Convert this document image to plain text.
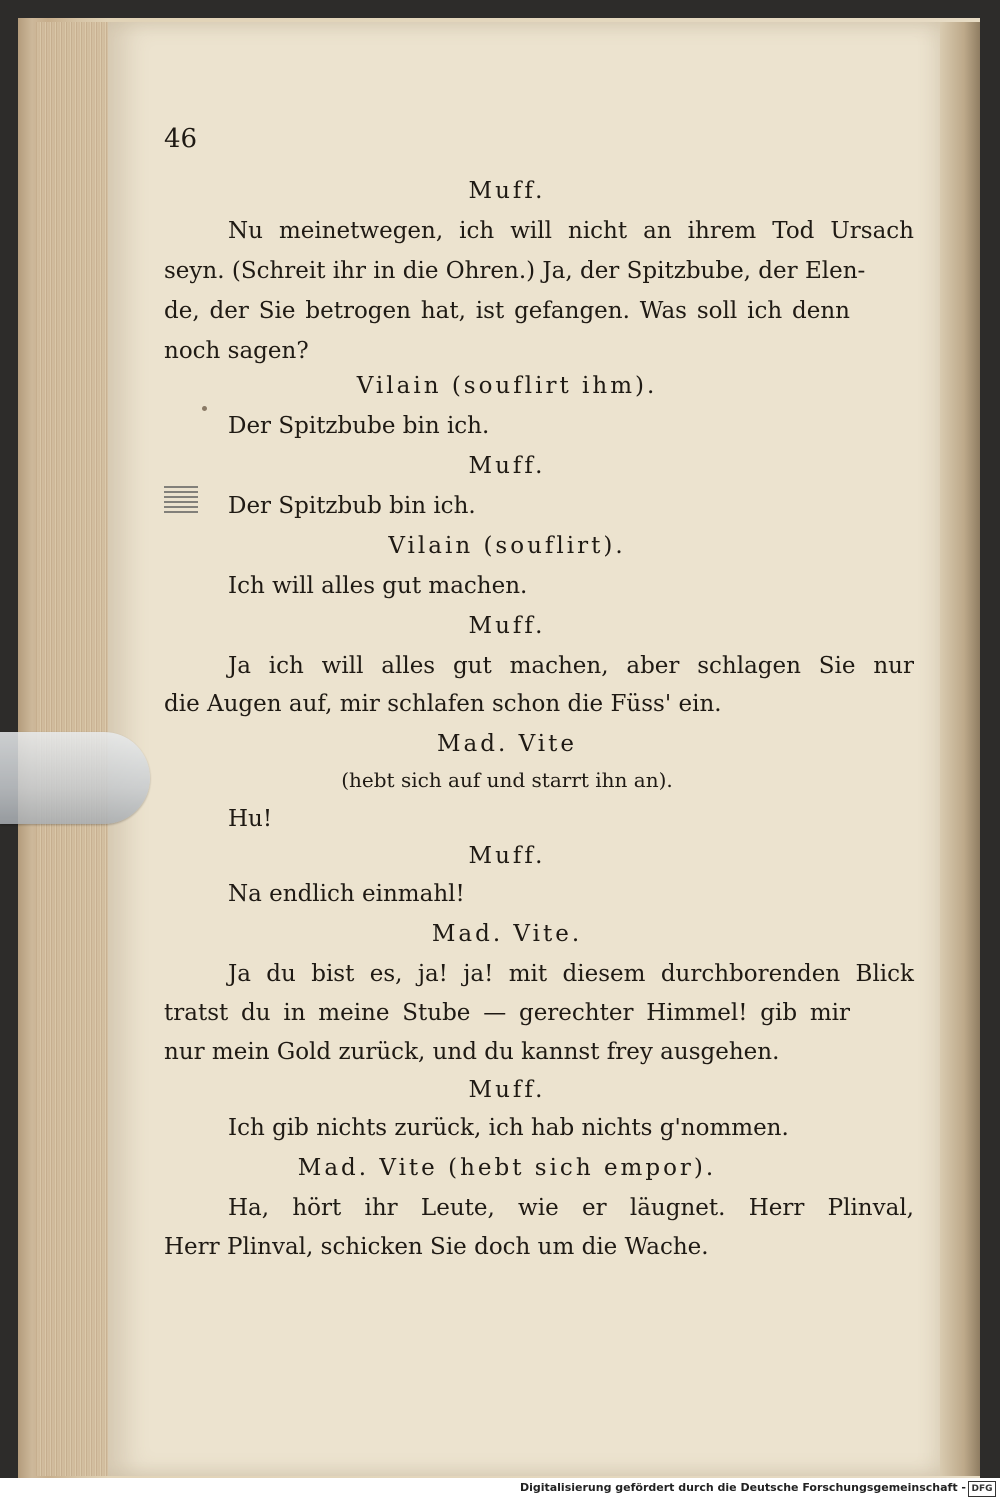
46
Muff.
Nu meinetwegen, ich will nicht an ihrem Tod Ursach
seyn. (Schreit ihr in die Ohren.) Ja, der Spitzbube, der Elen-
de, der Sie betrogen hat, ist gefangen. Was soll ich denn
noch sagen?
Vilain (souflirt ihm).
Der Spitzbube bin ich.
Muff.
Der Spitzbub bin ich.
Vilain (souflirt).
Ich will alles gut machen.
Muff.
Ja ich will alles gut machen, aber schlagen Sie nur
die Augen auf, mir schlafen schon die Füss' ein.
Mad. Vite
(hebt sich auf und starrt ihn an).
Hu!
Muff.
Na endlich einmahl!
Mad. Vite.
Ja du bist es, ja! ja! mit diesem durchborenden Blick
tratst du in meine Stube — gerechter Himmel! gib mir
nur mein Gold zurück, und du kannst frey ausgehen.
Muff.
Ich gib nichts zurück, ich hab nichts g'nommen.
Mad. Vite (hebt sich empor).
Ha, hört ihr Leute, wie er läugnet. Herr Plinval,
Herr Plinval, schicken Sie doch um die Wache.
Digitalisierung gefördert durch die Deutsche Forschungsgemeinschaft - DFG
